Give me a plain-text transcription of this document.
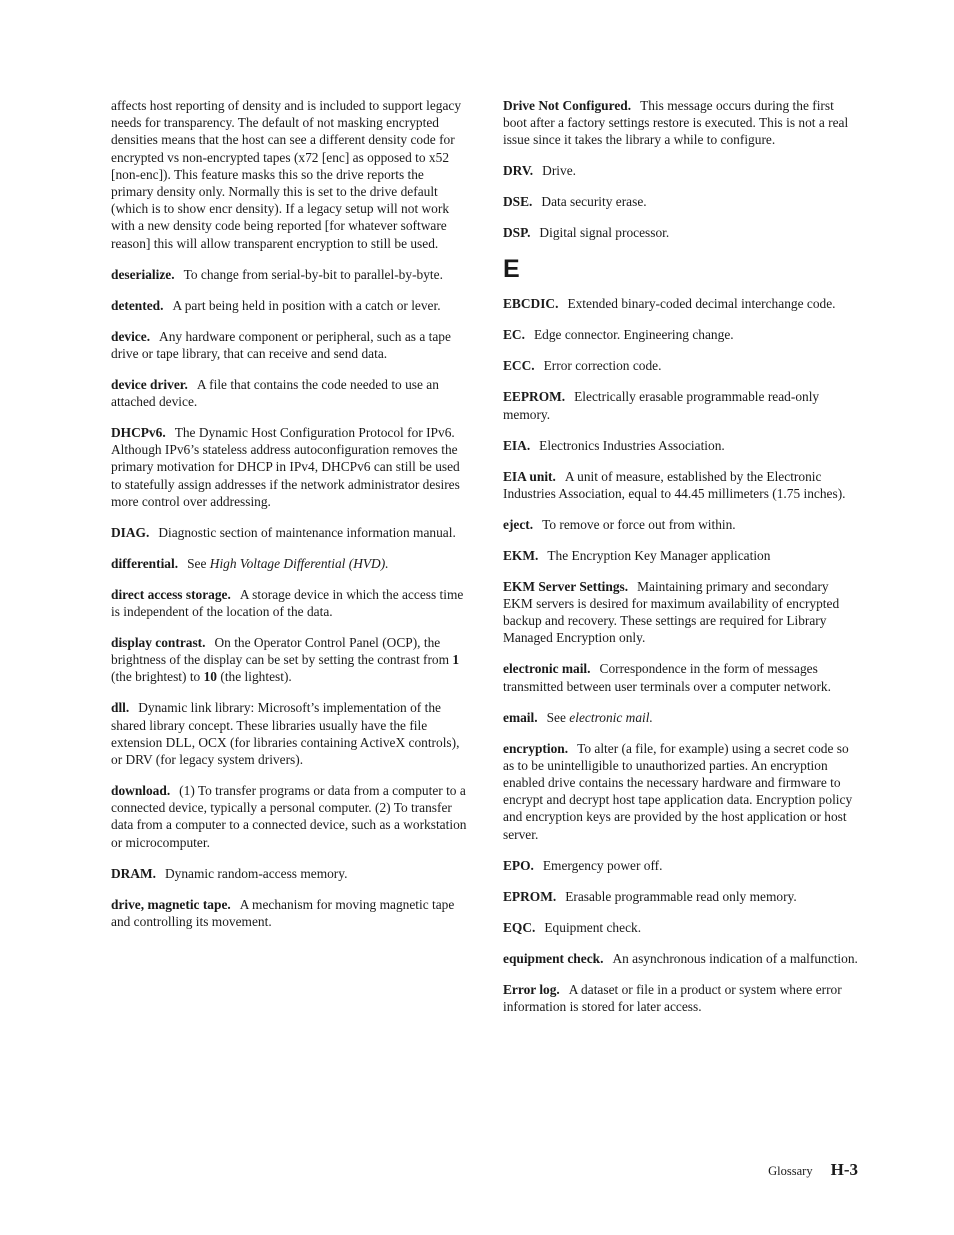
affects host reporting of density and is included to support legacy needs for transparency. The default of not masking encrypted densities means that the host can see a different density code for encrypted vs non-encrypted tapes (x72 [enc] as opposed to x52 [non-enc]). This feature masks this so the drive reports the primary density only. Normally this is set to the drive default (which is to show encr density). If a legacy setup will not work with a new density code being reported [for whatever software reason] this will allow transparent encryption to still be used.

deserialize. To change from serial-by-bit to parallel-by-byte.

detented. A part being held in position with a catch or lever.

device. Any hardware component or peripheral, such as a tape drive or tape library, that can receive and send data.

device driver. A file that contains the code needed to use an attached device.

DHCPv6. The Dynamic Host Configuration Protocol for IPv6. Although IPv6’s stateless address autoconfiguration removes the primary motivation for DHCP in IPv4, DHCPv6 can still be used to statefully assign addresses if the network administrator desires more control over addressing.

DIAG. Diagnostic section of maintenance information manual.

differential. See High Voltage Differential (HVD).

direct access storage. A storage device in which the access time is independent of the location of the data.

display contrast. On the Operator Control Panel (OCP), the brightness of the display can be set by setting the contrast from 1 (the brightest) to 10 (the lightest).

dll. Dynamic link library: Microsoft’s implementation of the shared library concept. These libraries usually have the file extension DLL, OCX (for libraries containing ActiveX controls), or DRV (for legacy system drivers).

download. (1) To transfer programs or data from a computer to a connected device, typically a personal computer. (2) To transfer data from a computer to a connected device, such as a workstation or microcomputer.

DRAM. Dynamic random-access memory.

drive, magnetic tape. A mechanism for moving magnetic tape and controlling its movement.

Drive Not Configured. This message occurs during the first boot after a factory settings restore is executed. This is not a real issue since it takes the library a while to configure.

DRV. Drive.

DSE. Data security erase.

DSP. Digital signal processor.

E

EBCDIC. Extended binary-coded decimal interchange code.

EC. Edge connector. Engineering change.

ECC. Error correction code.

EEPROM. Electrically erasable programmable read-only memory.

EIA. Electronics Industries Association.

EIA unit. A unit of measure, established by the Electronic Industries Association, equal to 44.45 millimeters (1.75 inches).

eject. To remove or force out from within.

EKM. The Encryption Key Manager application

EKM Server Settings. Maintaining primary and secondary EKM servers is desired for maximum availability of encrypted backup and recovery. These settings are required for Library Managed Encryption only.

electronic mail. Correspondence in the form of messages transmitted between user terminals over a computer network.

email. See electronic mail.

encryption. To alter (a file, for example) using a secret code so as to be unintelligible to unauthorized parties. An encryption enabled drive contains the necessary hardware and firmware to encrypt and decrypt host tape application data. Encryption policy and encryption keys are provided by the host application or host server.

EPO. Emergency power off.

EPROM. Erasable programmable read only memory.

EQC. Equipment check.

equipment check. An asynchronous indication of a malfunction.

Error log. A dataset or file in a product or system where error information is stored for later access.

Glossary H-3
